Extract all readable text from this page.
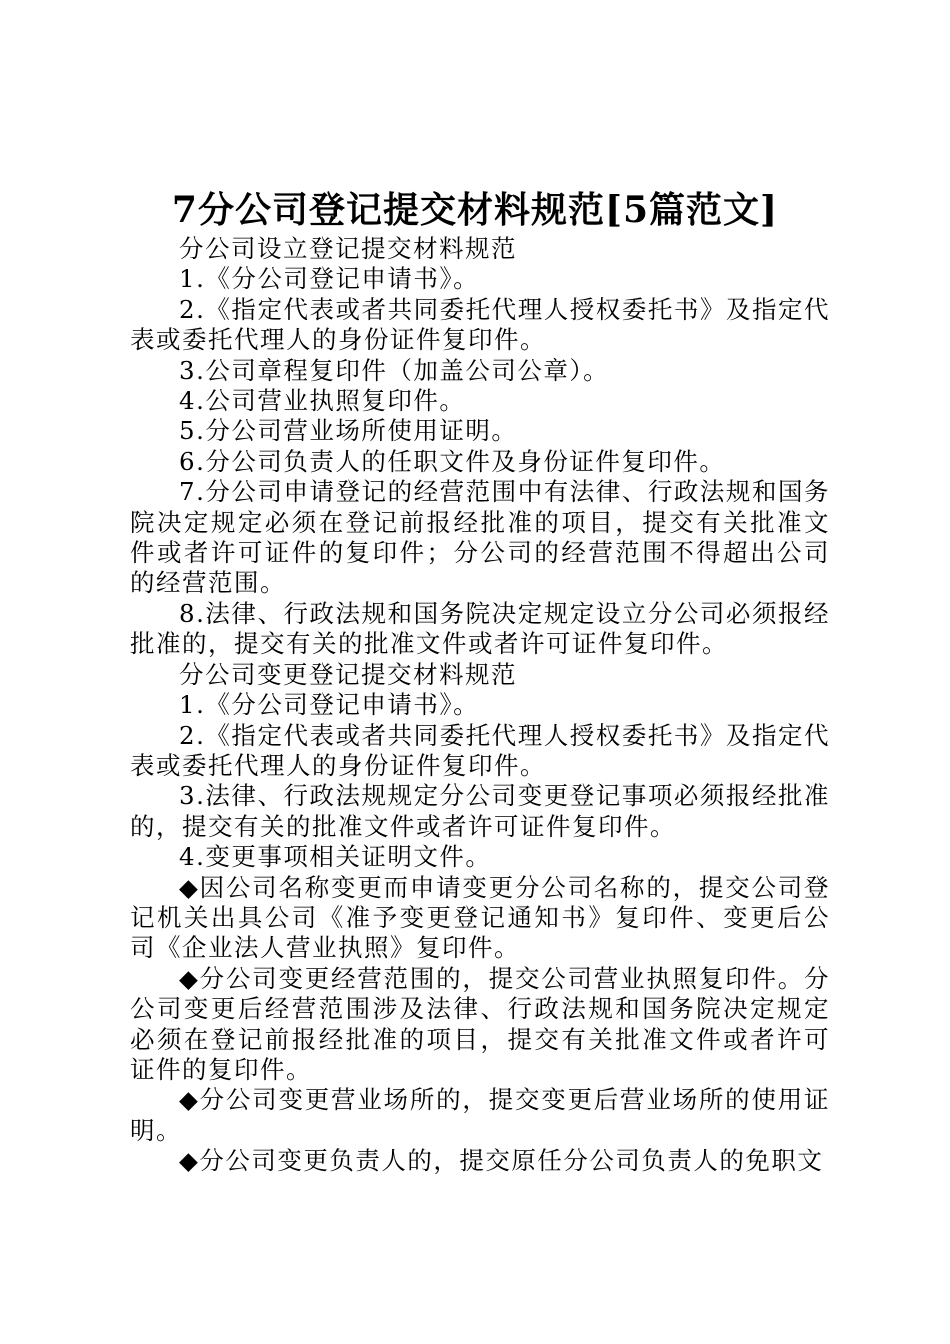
7分公司登记提交材料规范[5篇范文]

分公司设立登记提交材料规范

1.《分公司登记申请书》。

2.《指定代表或者共同委托代理人授权委托书》及指定代表或委托代理人的身份证件复印件。

3.公司章程复印件（加盖公司公章）。

4.公司营业执照复印件。

5.分公司营业场所使用证明。

6.分公司负责人的任职文件及身份证件复印件。

7.分公司申请登记的经营范围中有法律、行政法规和国务院决定规定必须在登记前报经批准的项目，提交有关批准文件或者许可证件的复印件；分公司的经营范围不得超出公司的经营范围。

8.法律、行政法规和国务院决定规定设立分公司必须报经批准的，提交有关的批准文件或者许可证件复印件。

分公司变更登记提交材料规范

1.《分公司登记申请书》。

2.《指定代表或者共同委托代理人授权委托书》及指定代表或委托代理人的身份证件复印件。

3.法律、行政法规规定分公司变更登记事项必须报经批准的，提交有关的批准文件或者许可证件复印件。

4.变更事项相关证明文件。

◆因公司名称变更而申请变更分公司名称的，提交公司登记机关出具公司《准予变更登记通知书》复印件、变更后公司《企业法人营业执照》复印件。

◆分公司变更经营范围的，提交公司营业执照复印件。分公司变更后经营范围涉及法律、行政法规和国务院决定规定必须在登记前报经批准的项目，提交有关批准文件或者许可证件的复印件。

◆分公司变更营业场所的，提交变更后营业场所的使用证明。

◆分公司变更负责人的，提交原任分公司负责人的免职文
